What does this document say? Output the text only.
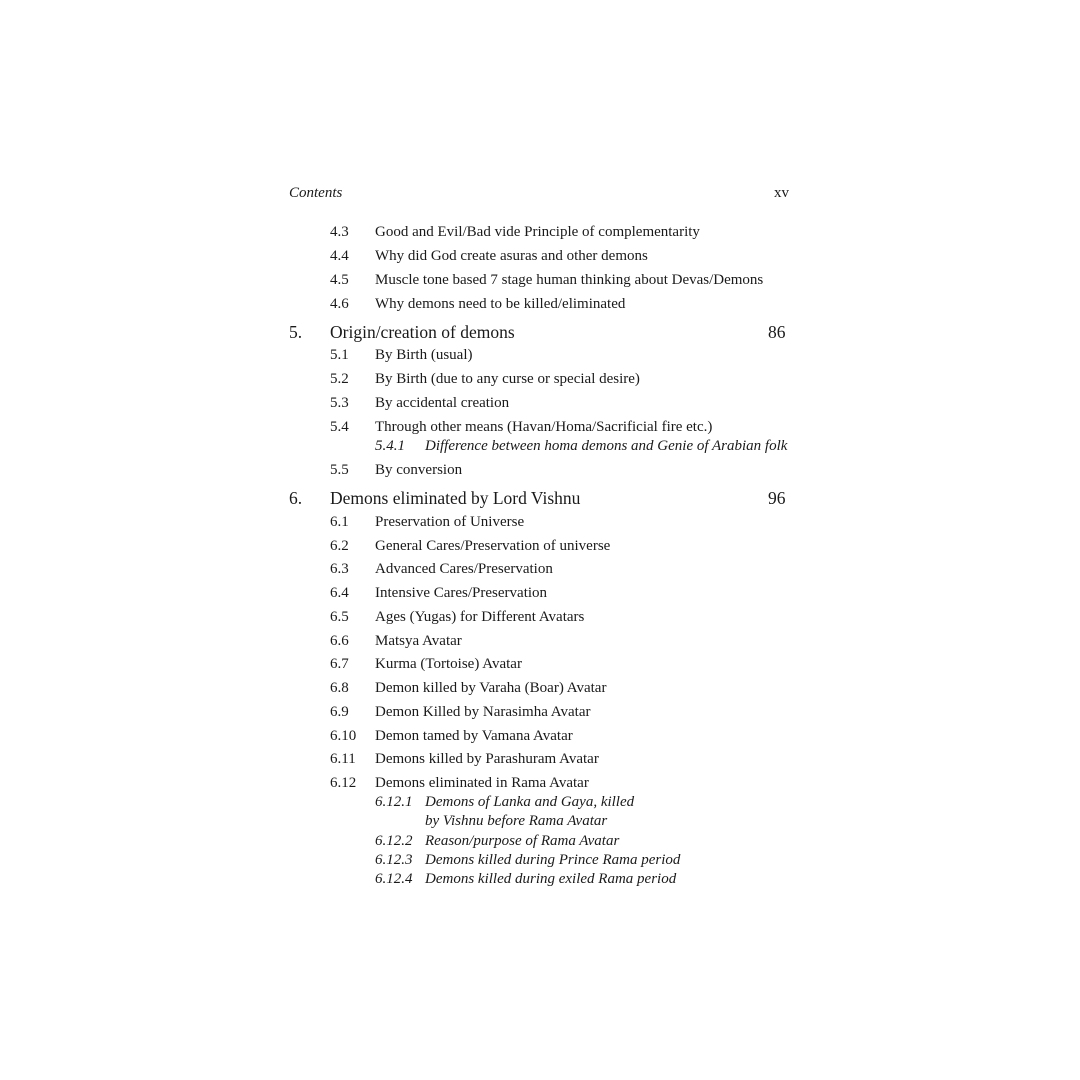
Contents	xv
4.3 Good and Evil/Bad vide Principle of complementarity
4.4 Why did God create asuras and other demons
4.5 Muscle tone based 7 stage human thinking about Devas/Demons
4.6 Why demons need to be killed/eliminated
5. Origin/creation of demons	86
5.1 By Birth (usual)
5.2 By Birth (due to any curse or special desire)
5.3 By accidental creation
5.4 Through other means (Havan/Homa/Sacrificial fire etc.)
5.4.1 Difference between homa demons and Genie of Arabian folk
5.5 By conversion
6. Demons eliminated by Lord Vishnu	96
6.1 Preservation of Universe
6.2 General Cares/Preservation of universe
6.3 Advanced Cares/Preservation
6.4 Intensive Cares/Preservation
6.5 Ages (Yugas) for Different Avatars
6.6 Matsya Avatar
6.7 Kurma (Tortoise) Avatar
6.8 Demon killed by Varaha (Boar) Avatar
6.9 Demon Killed by Narasimha Avatar
6.10 Demon tamed by Vamana Avatar
6.11 Demons killed by Parashuram Avatar
6.12 Demons eliminated in Rama Avatar
6.12.1 Demons of Lanka and Gaya, killed
by Vishnu before Rama Avatar
6.12.2 Reason/purpose of Rama Avatar
6.12.3 Demons killed during Prince Rama period
6.12.4 Demons killed during exiled Rama period
